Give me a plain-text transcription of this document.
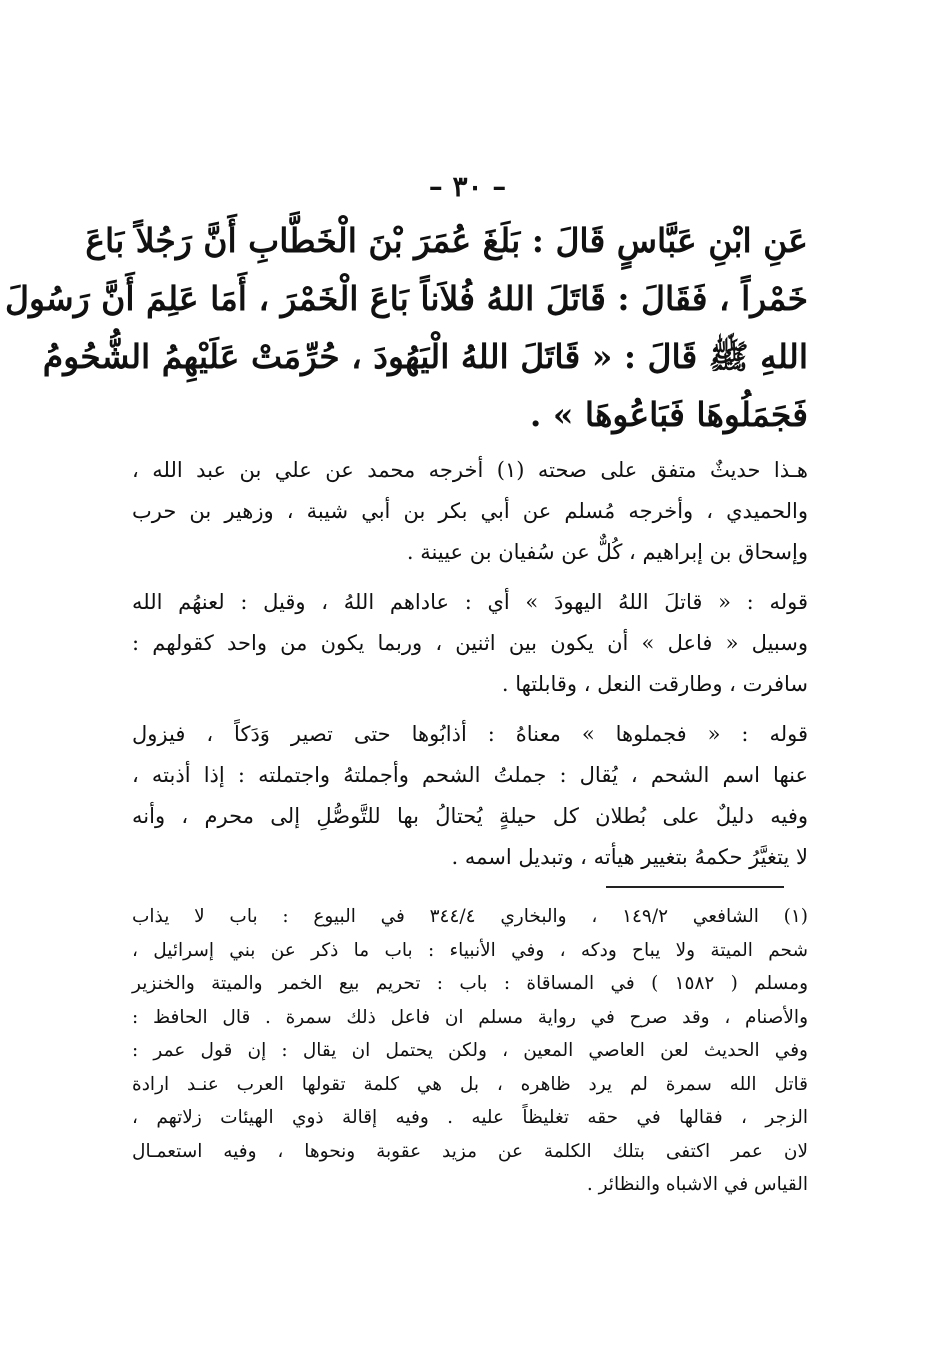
– ٣٠ –
عَنِ ابْنِ عَبَّاسٍ قَالَ : بَلَغَ عُمَرَ بْنَ الْخَطَّابِ أَنَّ رَجُلاً بَاعَ
خَمْراً ، فَقَالَ : قَاتَلَ اللهُ فُلاَناً بَاعَ الْخَمْرَ ، أَمَا عَلِمَ أَنَّ رَسُولَ
اللهِ ﷺ قَالَ : « قَاتَلَ اللهُ الْيَهُودَ ، حُرِّمَتْ عَلَيْهِمُ الشُّحُومُ
فَجَمَلُوهَا فَبَاعُوهَا » .
هـذا حديثٌ متفق على صحته (١) أخرجه محمد عن علي بن عبد الله ،
والحميدي ، وأخرجه مُسلم عن أبي بكر بن أبي شيبة ، وزهير بن حرب
وإسحاق بن إبراهيم ، كُلٌّ عن سُفيان بن عيينة .
قوله : « قاتلَ اللهُ اليهودَ » أي : عاداهم اللهُ ، وقيل : لعنهُم الله
وسبيل « فاعل » أن يكون بين اثنين ، وربما يكون من واحد كقولهم :
سافرت ، وطارقت النعل ، وقابلتها .
قوله : « فجملوها » معناهُ : أذابُوها حتى تصير وَدَكاً ، فيزول
عنها اسم الشحم ، يُقال : جملتُ الشحم وأجملتهُ واجتملته : إذا أذبته ،
وفيه دليلٌ على بُطلان كل حيلةٍ يُحتالُ بها للتَّوصُّلِ إلى محرم ، وأنه
لا يتغيَّرُ حكمهُ بتغيير هيأته ، وتبديل اسمه .
(١) الشافعي ١٤٩/٢ ، والبخاري ٣٤٤/٤ في البيوع : باب لا يذاب
شحم الميتة ولا يباح ودكه ، وفي الأنبياء : باب ما ذكر عن بني إسرائيل ،
ومسلم ( ١٥٨٢ ) في المساقاة : باب : تحريم بيع الخمر والميتة والخنزير
والأصنام ، وقد صرح في رواية مسلم ان فاعل ذلك سمرة . قال الحافظ :
وفي الحديث لعن العاصي المعين ، ولكن يحتمل ان يقال : إن قول عمر :
قاتل الله سمرة لم يرد ظاهره ، بل هي كلمة تقولها العرب عنـد ارادة
الزجر ، فقالها في حقه تغليظاً عليه . وفيه إقالة ذوي الهيئات زلاتهم ،
لان عمر اكتفى بتلك الكلمة عن مزيد عقوبة ونحوها ، وفيه استعمـال
القياس في الاشباه والنظائر .
